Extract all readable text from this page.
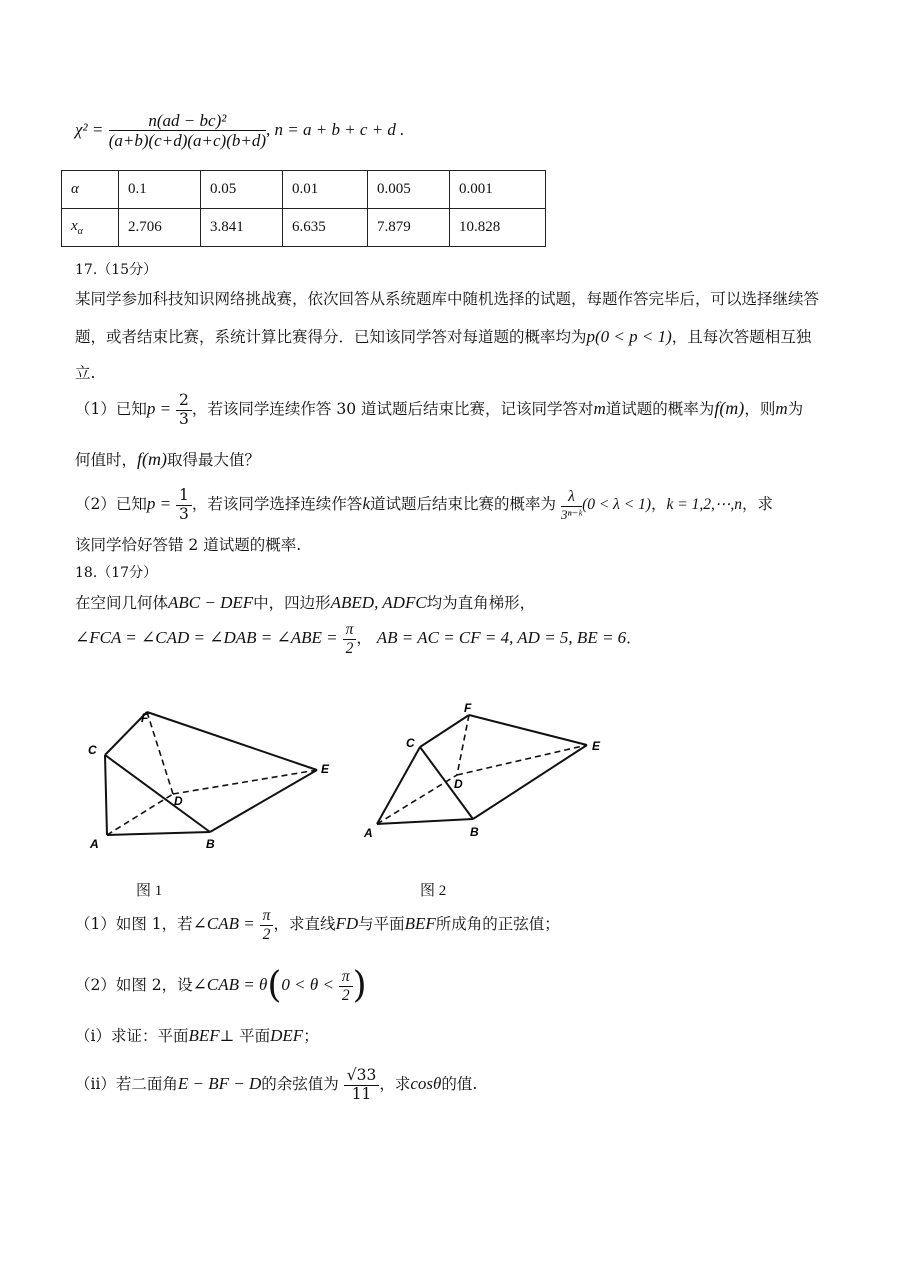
$\chi^2 = \frac{\text{n(ad − bc)²}}{(a+b)(c+d)(a+c)(b+d)}$ , n = a + b + c + d .
α	0.1	0.05	0.01	0.005	0.001
$x_\alpha$	2.706	3.841	6.635	7.879	10.828
17.（15分）
某同学参加科技知识网络挑战赛，依次回答从系统题库中随机选择的试题，每题作答完毕后，可以选择继续答
题，或者结束比赛，系统计算比赛得分．已知该同学答对每道题的概率均为p(0 < p < 1)，且每次答题相互独
立.
（1）已知$p = \frac{2}{3}$ ，若该同学连续作答 30 道试题后结束比赛，记该同学答对m道试题的概率为f(m)，则m为
何值时，f(m)取得最大值？
（2）已知$p = \frac{1}{3}$ ，若该同学选择连续作答k道试题后结束比赛的概率为 $\frac{\lambda}{\text{3ⁿ⁻ᵏ}} (0 < \lambda < 1)$，k = 1,2,⋯,n，求
该同学恰好答错 2 道试题的概率.
18.（17分）
在空间几何体ABC − DEF中，四边形ABED, ADFC均为直角梯形，
∠FCA = ∠CAD = ∠DAB = ∠ABE = $\frac{\pi}{2}$ ， AB = AC = CF = 4, AD = 5, BE = 6．
F
C
D
E
A	B
F
C
D
E
A	B
图 1	图 2
（1）如图 1，若∠CAB = $\frac{\pi}{2}$ ，求直线FD与平面BEF所成角的正弦值；
（2）如图 2，设∠CAB = $\theta(0 < \theta < \frac{\pi}{2}$ )
（ⅰ）求证：平面BEF⊥ 平面DEF；
（ⅱ）若二面角E − BF − D的余弦值为 $\frac{√33}{11}$ ，求cosθ的值.
